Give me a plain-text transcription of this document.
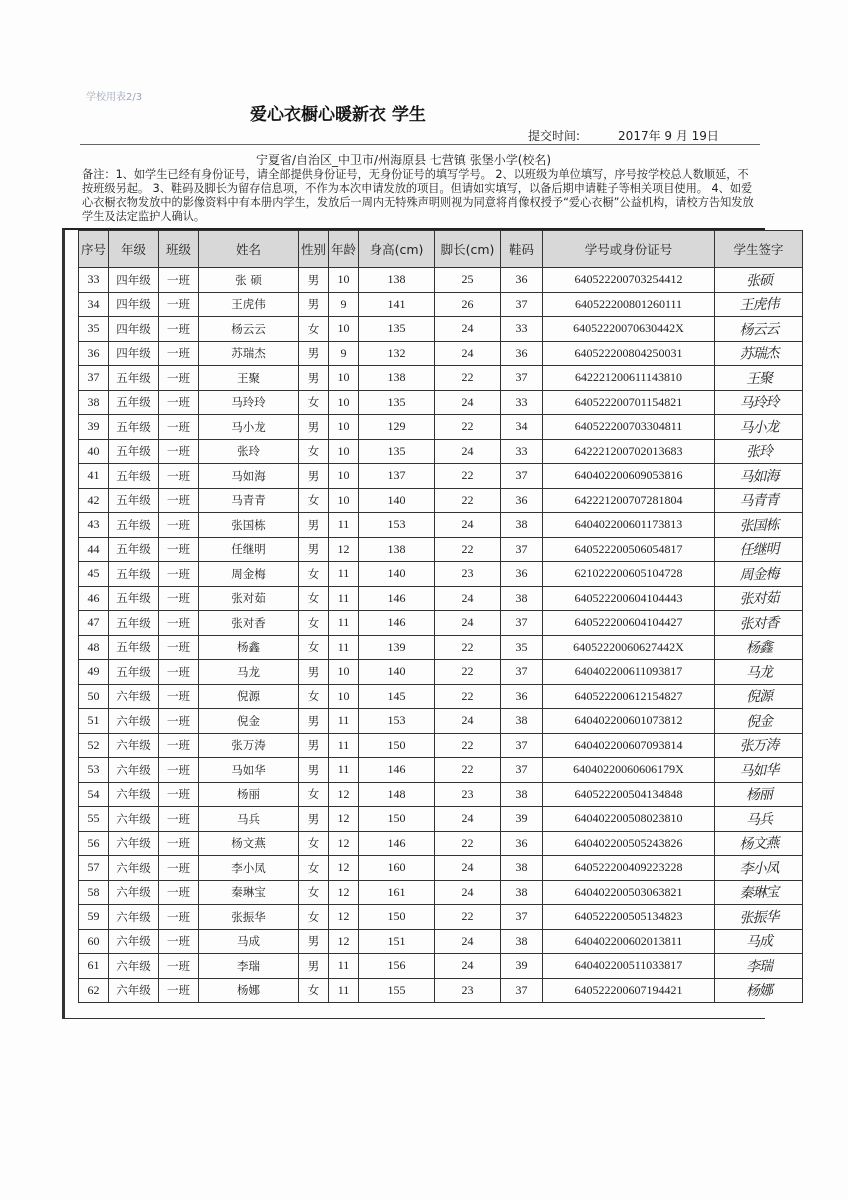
学校用表2/3
爱心衣橱心暖新衣 学生
提交时间:	2017年 9 月 19日
宁夏省/自治区_中卫市/州海原县 七营镇 张堡小学(校名)
备注：1、如学生已经有身份证号，请全部提供身份证号，无身份证号的填写学号。 2、以班级为单位填写，序号按学校总人数顺延，不按班级另起。 3、鞋码及脚长为留存信息项，不作为本次申请发放的项目。但请如实填写，以备后期申请鞋子等相关项目使用。 4、如爱心衣橱衣物发放中的影像资料中有本册内学生，发放后一周内无特殊声明则视为同意将肖像权授予“爱心衣橱”公益机构，请校方告知发放学生及法定监护人确认。
序号	年级	班级	姓名	性别	年龄	身高(cm)	脚长(cm)	鞋码	学号或身份证号	学生签字
33	四年级	一班	张 硕	男	10	138	25	36	640522200703254412	张硕
34	四年级	一班	王虎伟	男	9	141	26	37	640522200801260111	王虎伟
35	四年级	一班	杨云云	女	10	135	24	33	64052220070630442X	杨云云
36	四年级	一班	苏瑞杰	男	9	132	24	36	640522200804250031	苏瑞杰
37	五年级	一班	王聚	男	10	138	22	37	642221200611143810	王聚
38	五年级	一班	马玲玲	女	10	135	24	33	640522200701154821	马玲玲
39	五年级	一班	马小龙	男	10	129	22	34	640522200703304811	马小龙
40	五年级	一班	张玲	女	10	135	24	33	642221200702013683	张玲
41	五年级	一班	马如海	男	10	137	22	37	640402200609053816	马如海
42	五年级	一班	马青青	女	10	140	22	36	642221200707281804	马青青
43	五年级	一班	张国栋	男	11	153	24	38	640402200601173813	张国栋
44	五年级	一班	任继明	男	12	138	22	37	640522200506054817	任继明
45	五年级	一班	周金梅	女	11	140	23	36	621022200605104728	周金梅
46	五年级	一班	张对茹	女	11	146	24	38	640522200604104443	张对茹
47	五年级	一班	张对香	女	11	146	24	37	640522200604104427	张对香
48	五年级	一班	杨鑫	女	11	139	22	35	64052220060627442X	杨鑫
49	五年级	一班	马龙	男	10	140	22	37	640402200611093817	马龙
50	六年级	一班	倪源	女	10	145	22	36	640522200612154827	倪源
51	六年级	一班	倪金	男	11	153	24	38	640402200601073812	倪金
52	六年级	一班	张万涛	男	11	150	22	37	640402200607093814	张万涛
53	六年级	一班	马如华	男	11	146	22	37	64040220060606179X	马如华
54	六年级	一班	杨丽	女	12	148	23	38	640522200504134848	杨丽
55	六年级	一班	马兵	男	12	150	24	39	640402200508023810	马兵
56	六年级	一班	杨文燕	女	12	146	22	36	640402200505243826	杨文燕
57	六年级	一班	李小凤	女	12	160	24	38	640522200409223228	李小凤
58	六年级	一班	秦琳宝	女	12	161	24	38	640402200503063821	秦琳宝
59	六年级	一班	张振华	女	12	150	22	37	640522200505134823	张振华
60	六年级	一班	马成	男	12	151	24	38	640402200602013811	马成
61	六年级	一班	李瑞	男	11	156	24	39	640402200511033817	李瑞
62	六年级	一班	杨娜	女	11	155	23	37	640522200607194421	杨娜
